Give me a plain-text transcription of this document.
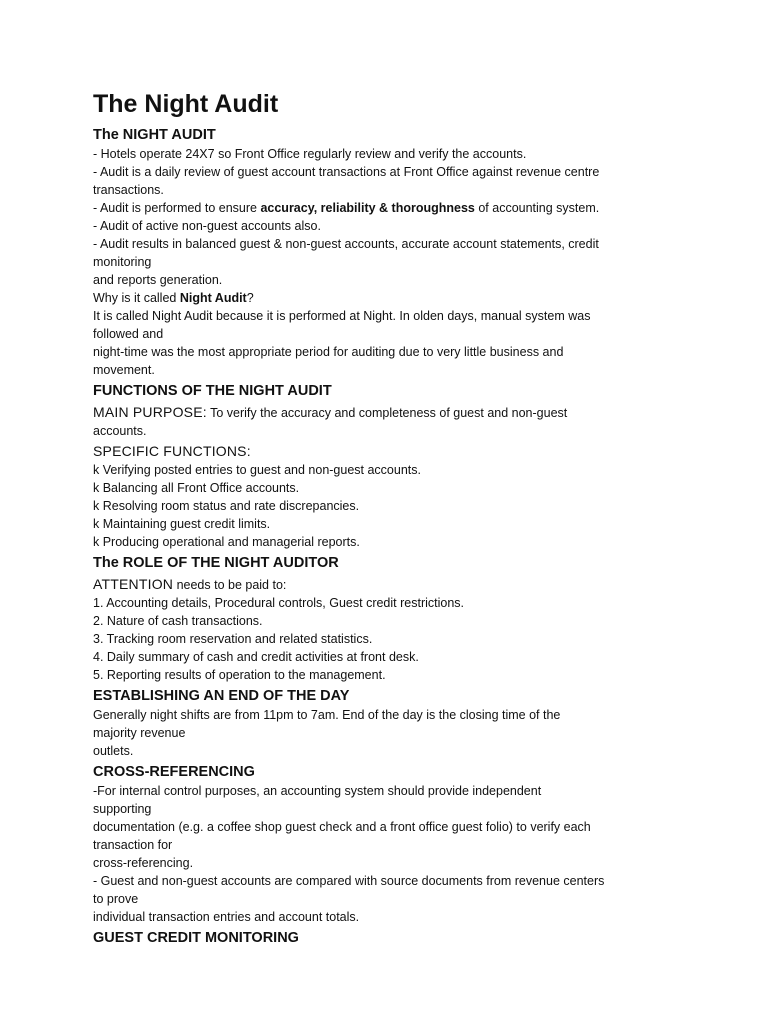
The Night Audit
The NIGHT AUDIT

- Hotels operate 24X7 so Front Office regularly review and verify the accounts.

- Audit is a daily review of guest account transactions at Front Office against revenue centre

transactions.

- Audit is performed to ensure accuracy, reliability & thoroughness of accounting system.

- Audit of active non-guest accounts also.

- Audit results in balanced guest & non-guest accounts, accurate account statements, credit

monitoring

and reports generation.

Why is it called Night Audit?

It is called Night Audit because it is performed at Night. In olden days, manual system was

followed and

night-time was the most appropriate period for auditing due to very little business and

movement.

FUNCTIONS OF THE NIGHT AUDIT

MAIN PURPOSE: To verify the accuracy and completeness of guest and non-guest

accounts.

SPECIFIC FUNCTIONS:

k Verifying posted entries to guest and non-guest accounts.

k Balancing all Front Office accounts.

k Resolving room status and rate discrepancies.

k Maintaining guest credit limits.

k Producing operational and managerial reports.

The ROLE OF THE NIGHT AUDITOR

ATTENTION needs to be paid to:

1. Accounting details, Procedural controls, Guest credit restrictions.

2. Nature of cash transactions.

3. Tracking room reservation and related statistics.

4. Daily summary of cash and credit activities at front desk.

5. Reporting results of operation to the management.

ESTABLISHING AN END OF THE DAY

Generally night shifts are from 11pm to 7am. End of the day is the closing time of the

majority revenue

outlets.

CROSS-REFERENCING

-For internal control purposes, an accounting system should provide independent

supporting

documentation (e.g. a coffee shop guest check and a front office guest folio) to verify each

transaction for

cross-referencing.

- Guest and non-guest accounts are compared with source documents from revenue centers

to prove

individual transaction entries and account totals.

GUEST CREDIT MONITORING
